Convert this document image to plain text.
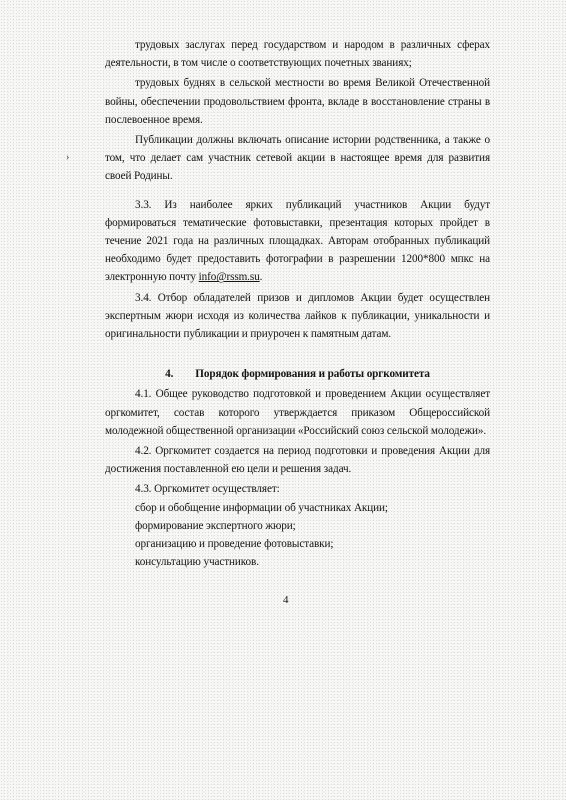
›

трудовых заслугах перед государством и народом в различных сферах деятельности, в том числе о соответствующих почетных званиях;

трудовых буднях в сельской местности во время Великой Отечественной войны, обеспечении продовольствием фронта, вкладе в восстановление страны в послевоенное время.

Публикации должны включать описание истории родственника, а также о том, что делает сам участник сетевой акции в настоящее время для развития своей Родины.

3.3. Из наиболее ярких публикаций участников Акции будут формироваться тематические фотовыставки, презентация которых пройдет в течение 2021 года на различных площадках. Авторам отобранных публикаций необходимо будет предоставить фотографии в разрешении 1200*800 мпкс на электронную почту info@rssm.su.

3.4. Отбор обладателей призов и дипломов Акции будет осуществлен экспертным жюри исходя из количества лайков к публикации, уникальности и оригинальности публикации и приурочен к памятным датам.

4. Порядок формирования и работы оргкомитета

4.1. Общее руководство подготовкой и проведением Акции осуществляет оргкомитет, состав которого утверждается приказом Общероссийской молодежной общественной организации «Российский союз сельской молодежи».

4.2. Оргкомитет создается на период подготовки и проведения Акции для достижения поставленной ею цели и решения задач.

4.3. Оргкомитет осуществляет:

сбор и обобщение информации об участниках Акции;

формирование экспертного жюри;

организацию и проведение фотовыставки;

консультацию участников.

4
